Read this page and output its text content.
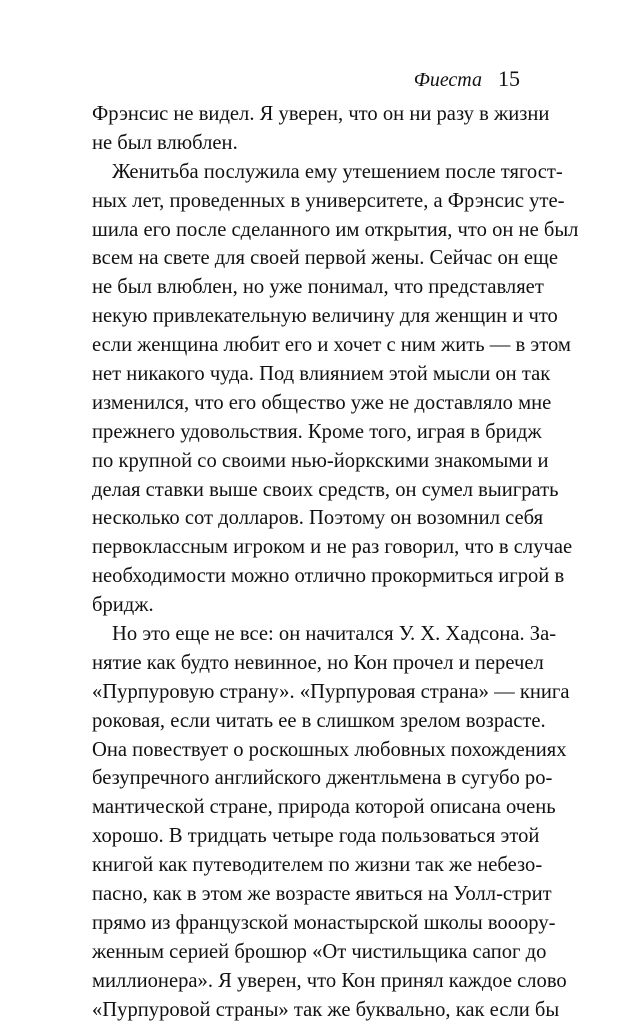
Фиеста 15
Фрэнсис не видел. Я уверен, что он ни разу в жизни
не был влюблен.
Женитьба послужила ему утешением после тягост-
ных лет, проведенных в университете, а Фрэнсис уте-
шила его после сделанного им открытия, что он не был
всем на свете для своей первой жены. Сейчас он еще
не был влюблен, но уже понимал, что представляет
некую привлекательную величину для женщин и что
если женщина любит его и хочет с ним жить — в этом
нет никакого чуда. Под влиянием этой мысли он так
изменился, что его общество уже не доставляло мне
прежнего удовольствия. Кроме того, играя в бридж
по крупной со своими нью-йоркскими знакомыми и
делая ставки выше своих средств, он сумел выиграть
несколько сот долларов. Поэтому он возомнил себя
первоклассным игроком и не раз говорил, что в случае
необходимости можно отлично прокормиться игрой в
бридж.
Но это еще не все: он начитался У. Х. Хадсона. За-
нятие как будто невинное, но Кон прочел и перечел
«Пурпуровую страну». «Пурпуровая страна» — книга
роковая, если читать ее в слишком зрелом возрасте.
Она повествует о роскошных любовных похождениях
безупречного английского джентльмена в сугубо ро-
мантической стране, природа которой описана очень
хорошо. В тридцать четыре года пользоваться этой
книгой как путеводителем по жизни так же небезо-
пасно, как в этом же возрасте явиться на Уолл-стрит
прямо из французской монастырской школы вооору-
женным серией брошюр «От чистильщика сапог до
миллионера». Я уверен, что Кон принял каждое слово
«Пурпуровой страны» так же буквально, как если бы
